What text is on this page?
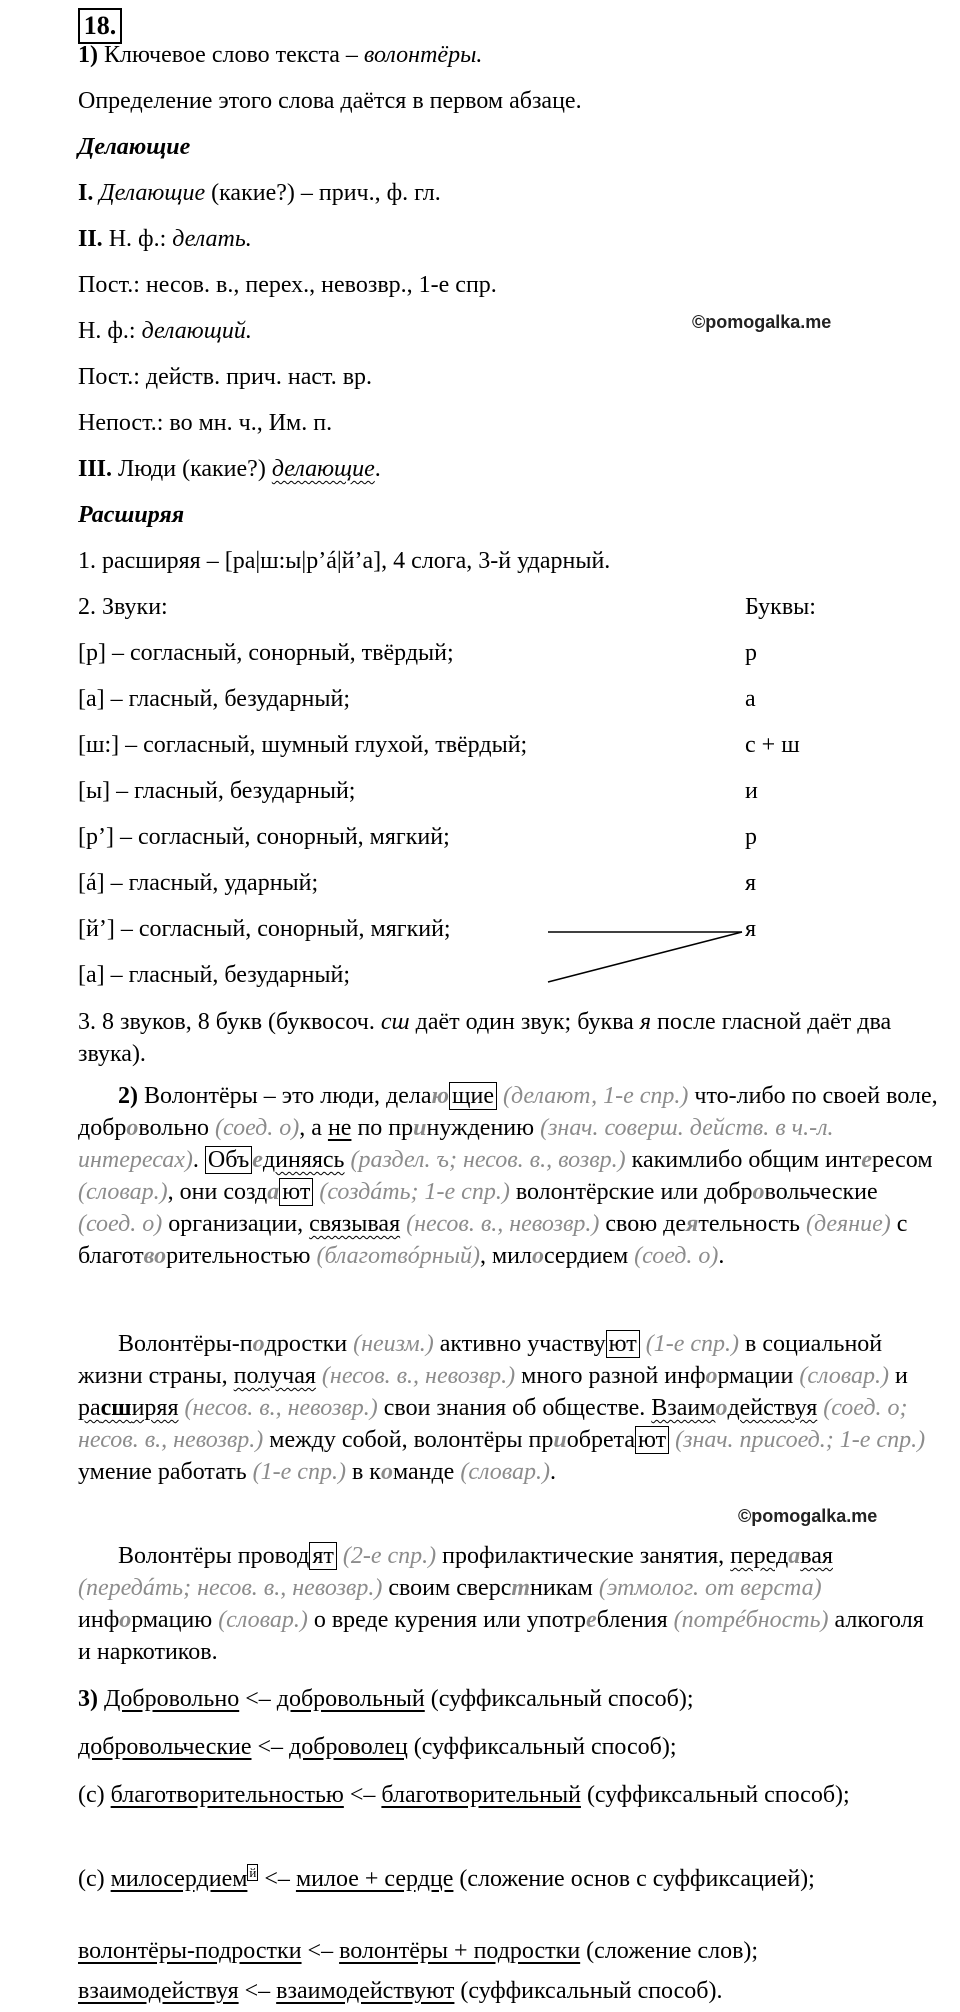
18.
1) Ключевое слово текста – волонтёры.
Определение этого слова даётся в первом абзаце.
Делающие
I. Делающие (какие?) – прич., ф. гл.
II. Н. ф.: делать.
Пост.: несов. в., перех., невозвр., 1-е спр.
©pomogalka.me
Н. ф.: делающий.
Пост.: действ. прич. наст. вр.
Непост.: во мн. ч., Им. п.
III. Люди (какие?) делающие.
Расширяя
1. расширяя – [ра|ш:ы|р’á|й’а], 4 слога, 3-й ударный.
2. Звуки:	Буквы:
[р] – согласный, сонорный, твёрдый;	р
[а] – гласный, безударный;	а
[ш:] – согласный, шумный глухой, твёрдый;	с + ш
[ы] – гласный, безударный;	и
[р’] – согласный, сонорный, мягкий;	р
[á] – гласный, ударный;	я
[й’] – согласный, сонорный, мягкий;	я
[а] – гласный, безударный;
3. 8 звуков, 8 букв (буквосоч. сш даёт один звук; буква я после гласной даёт два звука).
2) Волонтёры – это люди, делаю щие (делают, 1-е спр.) что-либо по своей воле, добровольно (соед. о), а не по принуждению (знач. соверш. действ. в ч.-л. интересах). Объ единяясь (раздел. ъ; несов. в., возвр.) какимлибо общим интересом (словар.), они созда ют (создáть; 1-е спр.) волонтёрские или добровольческие (соед. о) организации, связывая (несов. в., невозвр.) свою деятельность (деяние) с благотворительностью (благотвóрный), милосердием (соед. о).
Волонтёры-подростки (неизм.) активно участву ют (1-е спр.) в социальной жизни страны, получая (несов. в., невозвр.) много разной информации (словар.) и расширяя (несов. в., невозвр.) свои знания об обществе. Взаимодействуя (соед. о; несов. в., невозвр.) между собой, волонтёры приобрета ют (знач. присоед.; 1-е спр.) умение работать (1-е спр.) в команде (словар.).
©pomogalka.me
Волонтёры провод ят (2-е спр.) профилактические занятия, передавая (передáть; несов. в., невозвр.) своим сверстникам (этмолог. от верста) информацию (словар.) о вреде курения или употребления (потрéбность) алкоголя и наркотиков.
3) Добровольно <– добровольный (суффиксальный способ);
добровольческие <– доброволец (суффиксальный способ);
(с) благотворительностью <– благотворительный (суффиксальный способ);
(с) милосердием $^й$ <– милое + сердце (сложение основ с суффиксацией);
волонтёры-подростки <– волонтёры + подростки (сложение слов);
взаимодействуя <– взаимодействуют (суффиксальный способ).
